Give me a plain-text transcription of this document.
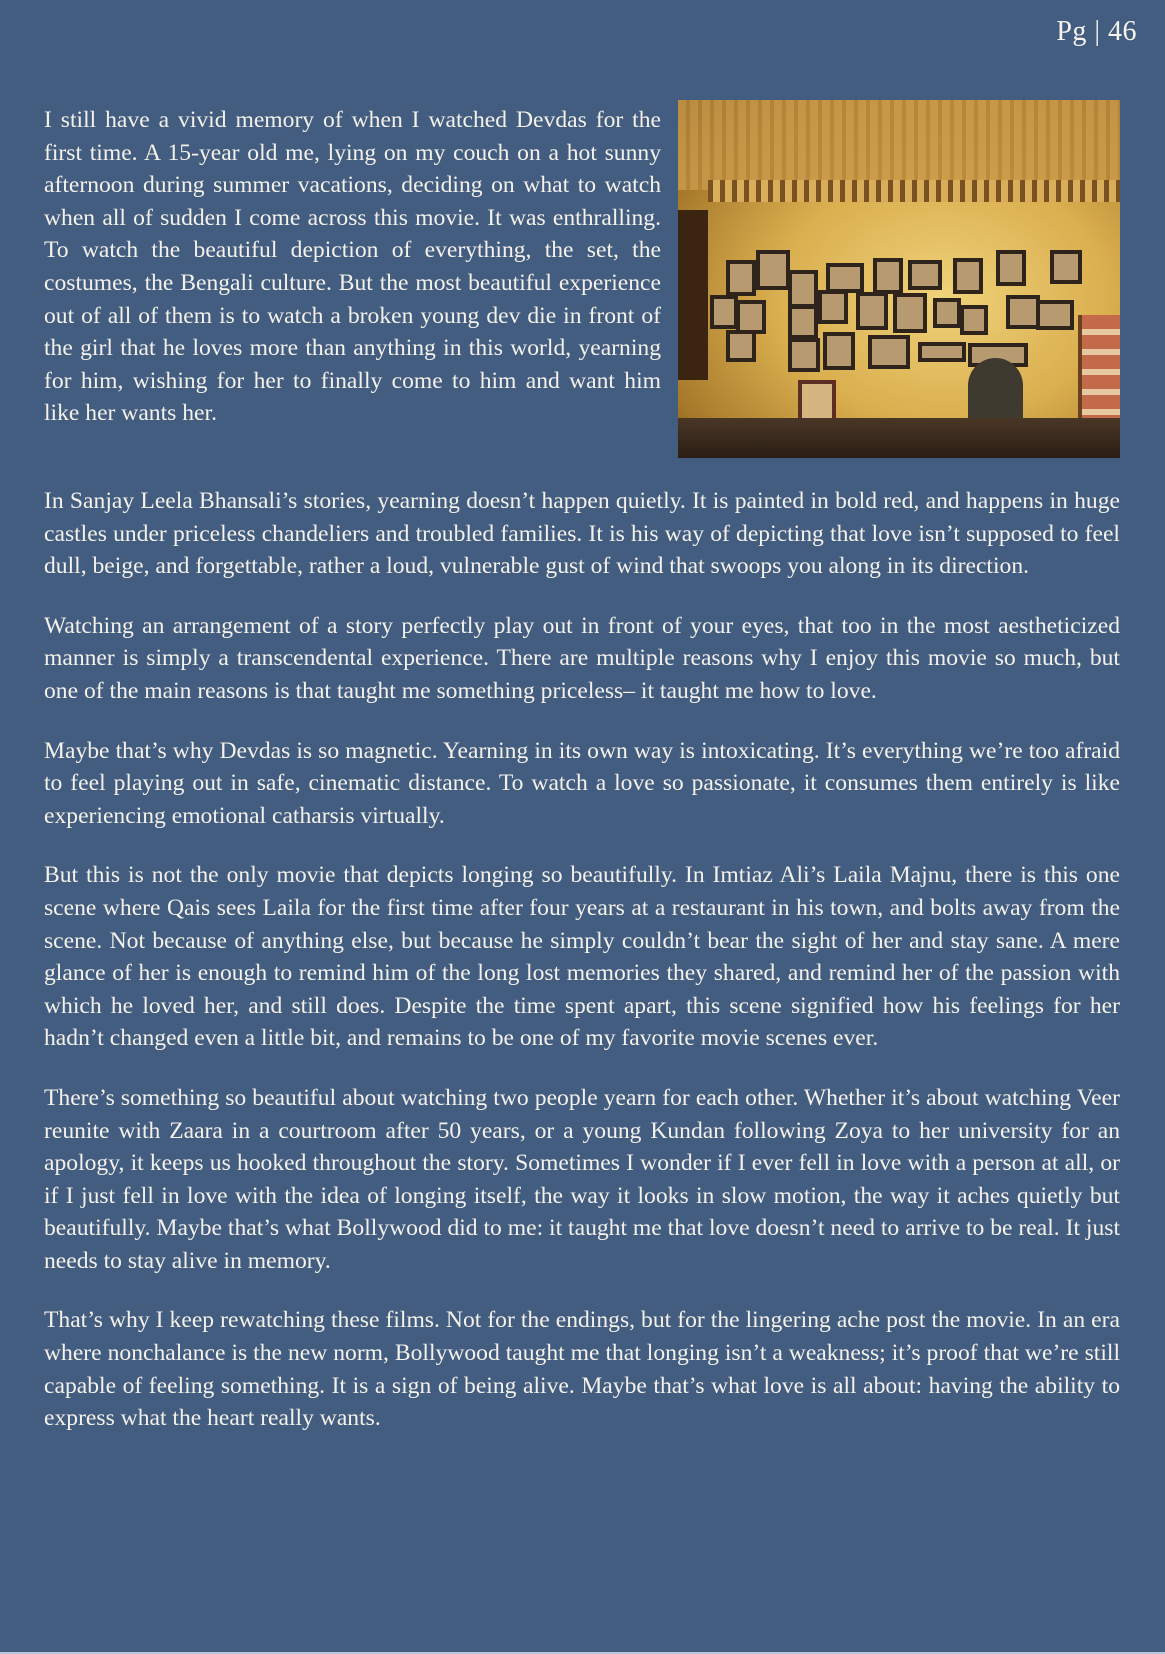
Pg | 46

I still have a vivid memory of when I watched Devdas for the first time. A 15-year old me, lying on my couch on a hot sunny afternoon during summer vacations, deciding on what to watch when all of sudden I come across this movie. It was enthralling. To watch the beautiful depiction of everything, the set, the costumes, the Bengali culture. But the most beautiful experience out of all of them is to watch a broken young dev die in front of the girl that he loves more than anything in this world, yearning for him, wishing for her to finally come to him and want him like her wants her.

In Sanjay Leela Bhansali’s stories, yearning doesn’t happen quietly. It is painted in bold red, and happens in huge castles under priceless chandeliers and troubled families. It is his way of depicting that love isn’t supposed to feel dull, beige, and forgettable, rather a loud, vulnerable gust of wind that swoops you along in its direction.

Watching an arrangement of a story perfectly play out in front of your eyes, that too in the most aestheticized manner is simply a transcendental experience. There are multiple reasons why I enjoy this movie so much, but one of the main reasons is that taught me something priceless– it taught me how to love.

Maybe that’s why Devdas is so magnetic. Yearning in its own way is intoxicating. It’s everything we’re too afraid to feel playing out in safe, cinematic distance. To watch a love so passionate, it consumes them entirely is like experiencing emotional catharsis virtually.

But this is not the only movie that depicts longing so beautifully. In Imtiaz Ali’s Laila Majnu, there is this one scene where Qais sees Laila for the first time after four years at a restaurant in his town, and bolts away from the scene. Not because of anything else, but because he simply couldn’t bear the sight of her and stay sane. A mere glance of her is enough to remind him of the long lost memories they shared, and remind her of the passion with which he loved her, and still does. Despite the time spent apart, this scene signified how his feelings for her hadn’t changed even a little bit, and remains to be one of my favorite movie scenes ever.

There’s something so beautiful about watching two people yearn for each other. Whether it’s about watching Veer reunite with Zaara in a courtroom after 50 years, or a young Kundan following Zoya to her university for an apology, it keeps us hooked throughout the story. Sometimes I wonder if I ever fell in love with a person at all, or if I just fell in love with the idea of longing itself, the way it looks in slow motion, the way it aches quietly but beautifully. Maybe that’s what Bollywood did to me: it taught me that love doesn’t need to arrive to be real. It just needs to stay alive in memory.

That’s why I keep rewatching these films. Not for the endings, but for the lingering ache post the movie. In an era where nonchalance is the new norm, Bollywood taught me that longing isn’t a weakness; it’s proof that we’re still capable of feeling something. It is a sign of being alive. Maybe that’s what love is all about: having the ability to express what the heart really wants.
